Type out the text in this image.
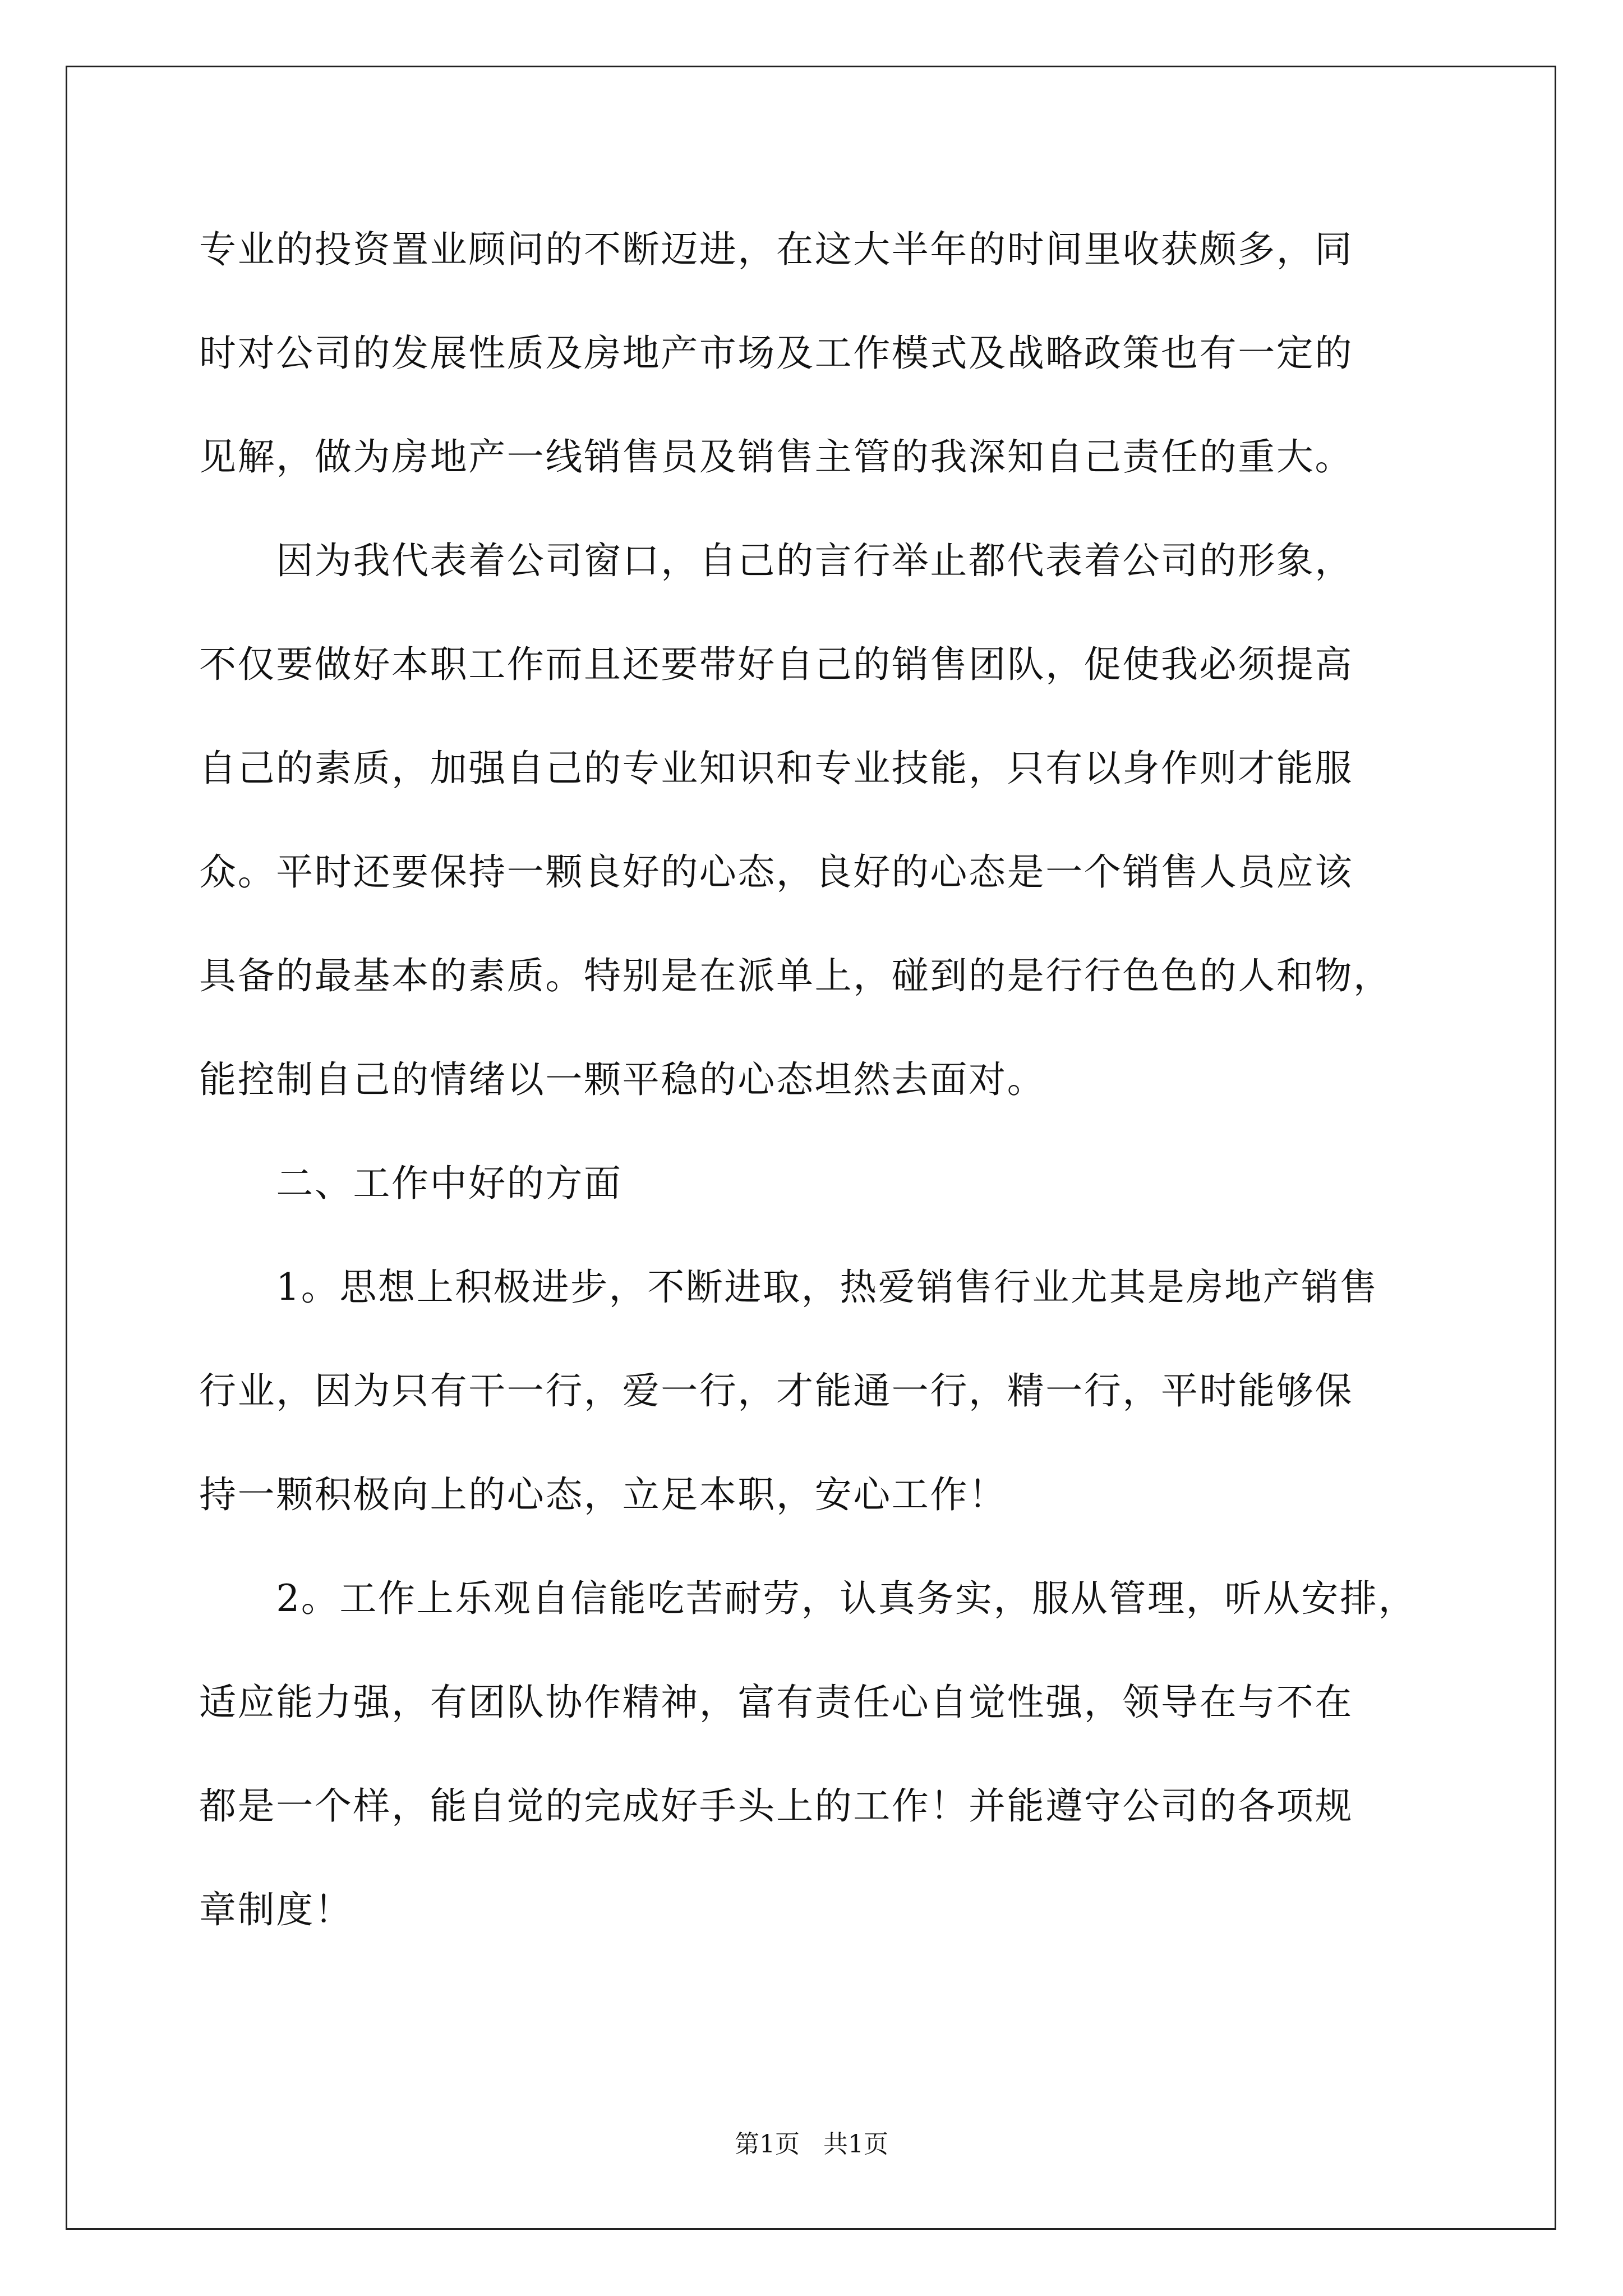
专业的投资置业顾问的不断迈进，在这大半年的时间里收获颇多，同
时对公司的发展性质及房地产市场及工作模式及战略政策也有一定的
见解，做为房地产一线销售员及销售主管的我深知自己责任的重大。
　　因为我代表着公司窗口，自己的言行举止都代表着公司的形象，
不仅要做好本职工作而且还要带好自己的销售团队，促使我必须提高
自己的素质，加强自己的专业知识和专业技能，只有以身作则才能服
众。平时还要保持一颗良好的心态，良好的心态是一个销售人员应该
具备的最基本的素质。特别是在派单上，碰到的是行行色色的人和物，
能控制自己的情绪以一颗平稳的心态坦然去面对。
　　二、工作中好的方面
　　1。思想上积极进步，不断进取，热爱销售行业尤其是房地产销售
行业，因为只有干一行，爱一行，才能通一行，精一行，平时能够保
持一颗积极向上的心态，立足本职，安心工作！
　　2。工作上乐观自信能吃苦耐劳，认真务实，服从管理，听从安排，
适应能力强，有团队协作精神，富有责任心自觉性强，领导在与不在
都是一个样，能自觉的完成好手头上的工作！并能遵守公司的各项规
章制度！
第1页   共1页
